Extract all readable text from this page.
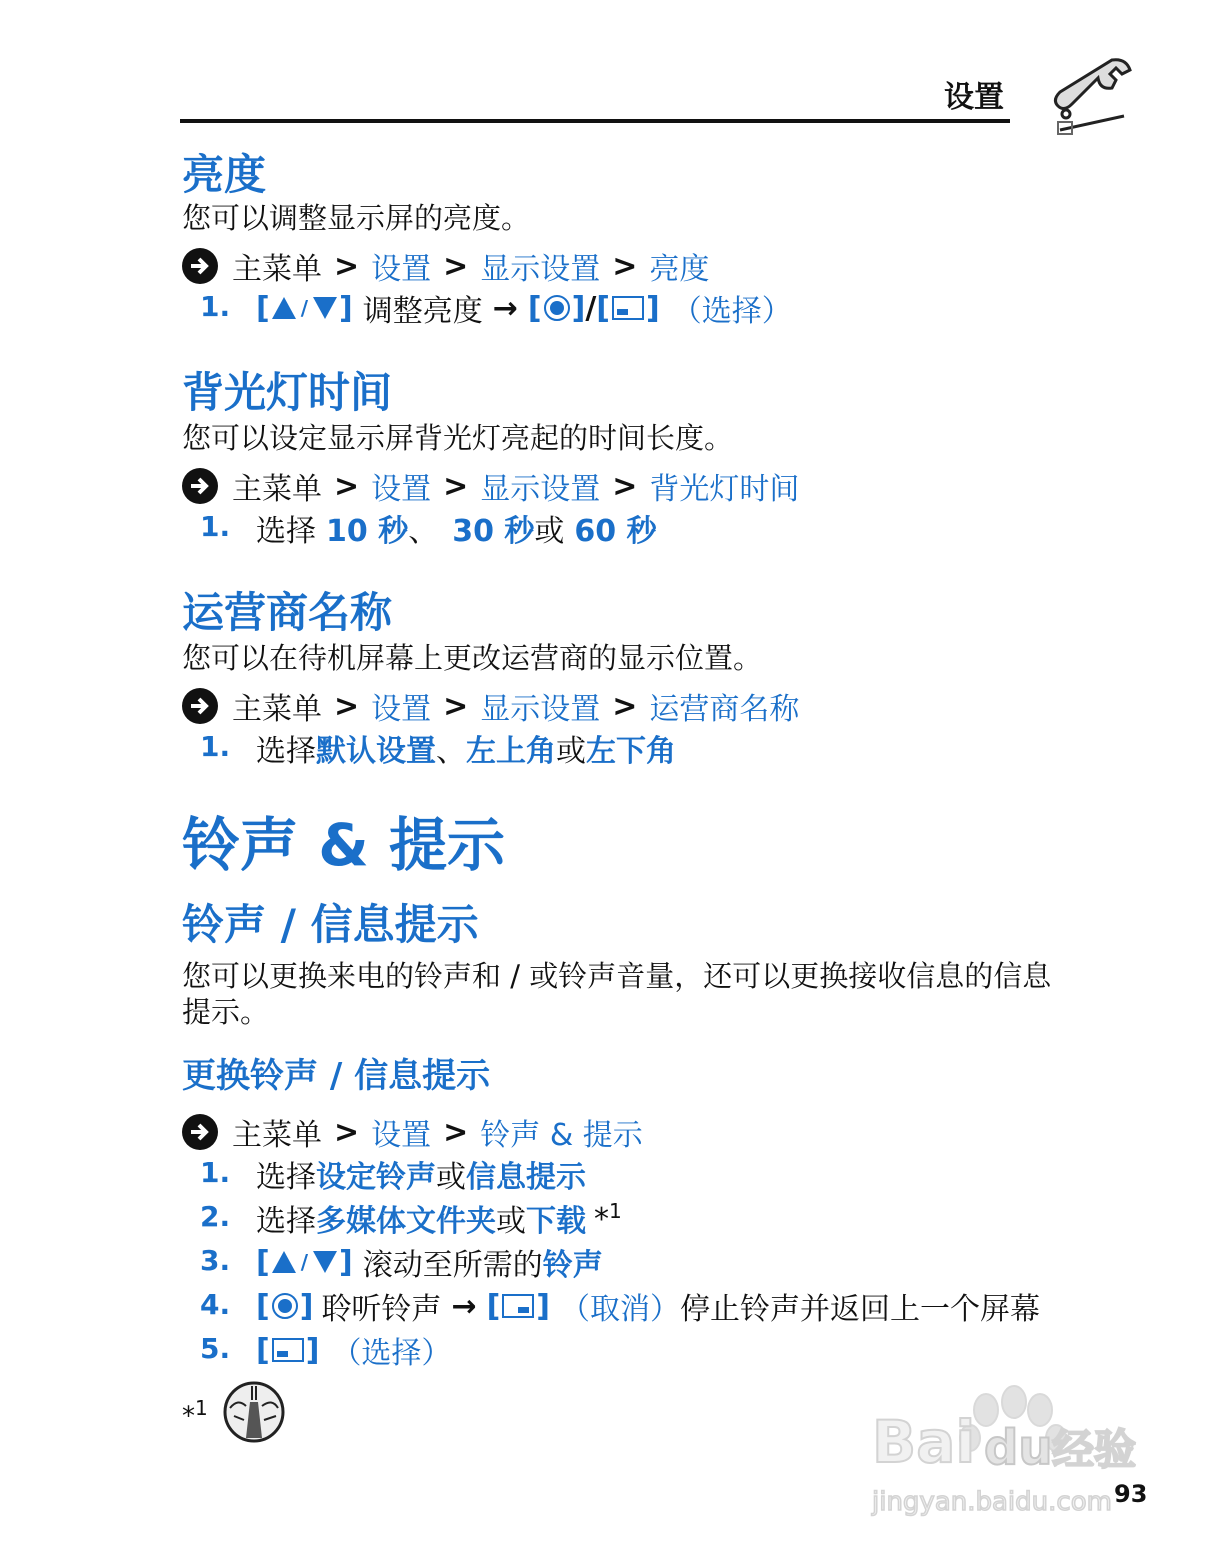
设置
亮度
您可以调整显示屏的亮度。
主菜单 > 设置 > 显示设置 > 亮度
1. [ / ] 调整亮度 → [ ] / [ ] （选择）
背光灯时间
您可以设定显示屏背光灯亮起的时间长度。
主菜单 > 设置 > 显示设置 > 背光灯时间
1. 选择 10 秒 、 30 秒 或 60 秒
运营商名称
您可以在待机屏幕上更改运营商的显示位置。
主菜单 > 设置 > 显示设置 > 运营商名称
1. 选择 默认设置 、 左上角 或 左下角
铃声 & 提示
铃声 / 信息提示
您可以更换来电的铃声和 / 或铃声音量，还可以更换接收信息的信息
提示。
更换铃声 / 信息提示
主菜单 > 设置 > 铃声 & 提示
1. 选择 设定铃声 或 信息提示
2. 选择 多媒体文件夹 或 下载 *$^1$
3. [ / ] 滚动至所需的 铃声
4. [ ] 聆听铃声 → [ ] （取消） 停止铃声并返回上一个屏幕
5. [ ] （选择）
*$^1$
93
Bai du 经验
jingyan.baidu.com
